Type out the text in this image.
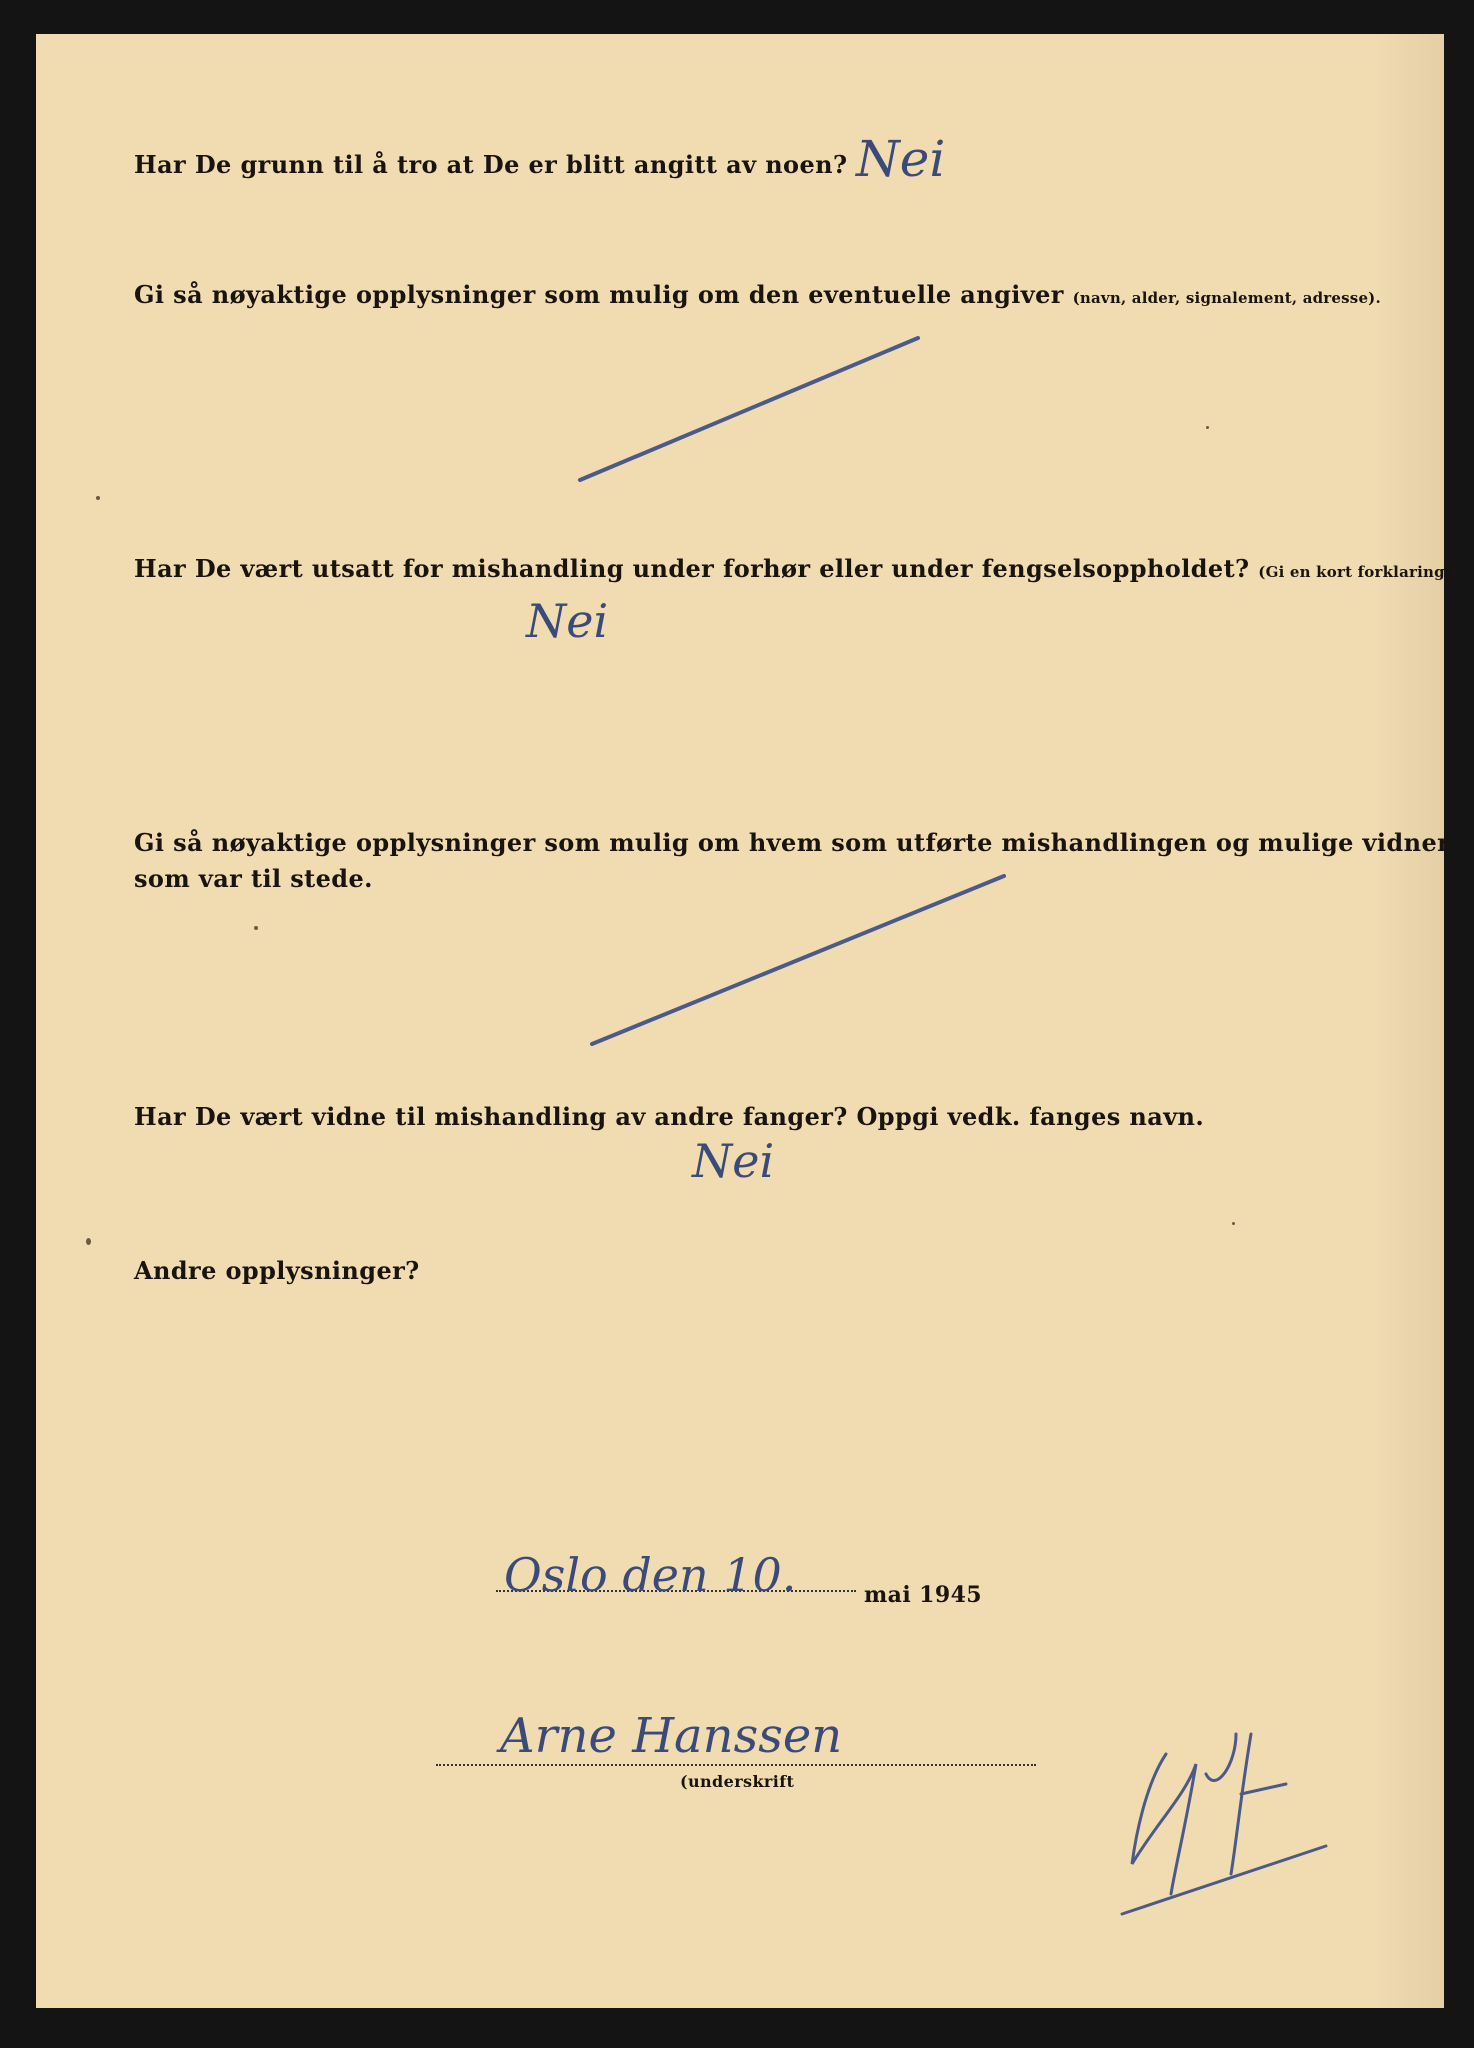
Har De grunn til å tro at De er blitt angitt av noen? Nei
Gi så nøyaktige opplysninger som mulig om den eventuelle angiver (navn, alder, signalement, adresse).
Har De vært utsatt for mishandling under forhør eller under fengselsoppholdet? (Gi en kort forklaring.)
Nei
Gi så nøyaktige opplysninger som mulig om hvem som utførte mishandlingen og mulige vidner
som var til stede.
Har De vært vidne til mishandling av andre fanger? Oppgi vedk. fanges navn.
Nei
Andre opplysninger?
Oslo den 10.	mai 1945
Arne Hanssen
(underskrift
